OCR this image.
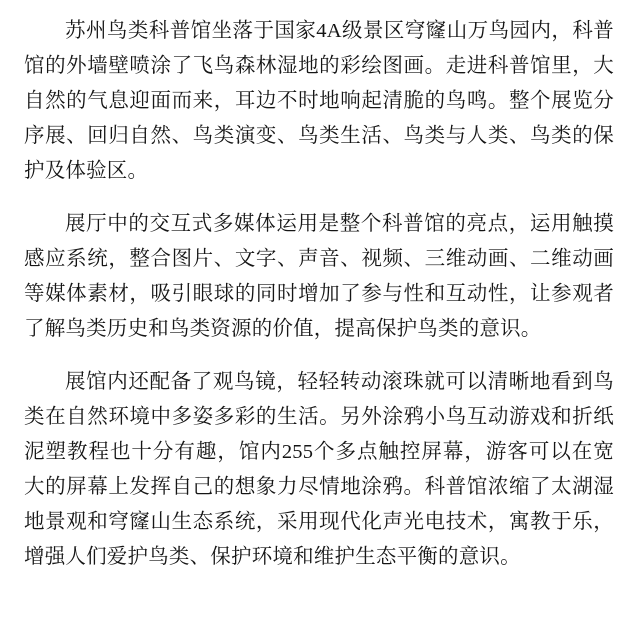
苏州鸟类科普馆坐落于国家4A级景区穹窿山万鸟园内，科普馆的外墙壁喷涂了飞鸟森林湿地的彩绘图画。走进科普馆里，大自然的气息迎面而来，耳边不时地响起清脆的鸟鸣。整个展览分序展、回归自然、鸟类演变、鸟类生活、鸟类与人类、鸟类的保护及体验区。

展厅中的交互式多媒体运用是整个科普馆的亮点，运用触摸感应系统，整合图片、文字、声音、视频、三维动画、二维动画等媒体素材，吸引眼球的同时增加了参与性和互动性，让参观者了解鸟类历史和鸟类资源的价值，提高保护鸟类的意识。

展馆内还配备了观鸟镜，轻轻转动滚珠就可以清晰地看到鸟类在自然环境中多姿多彩的生活。另外涂鸦小鸟互动游戏和折纸泥塑教程也十分有趣，馆内255个多点触控屏幕，游客可以在宽大的屏幕上发挥自己的想象力尽情地涂鸦。科普馆浓缩了太湖湿地景观和穹窿山生态系统，采用现代化声光电技术，寓教于乐，增强人们爱护鸟类、保护环境和维护生态平衡的意识。
